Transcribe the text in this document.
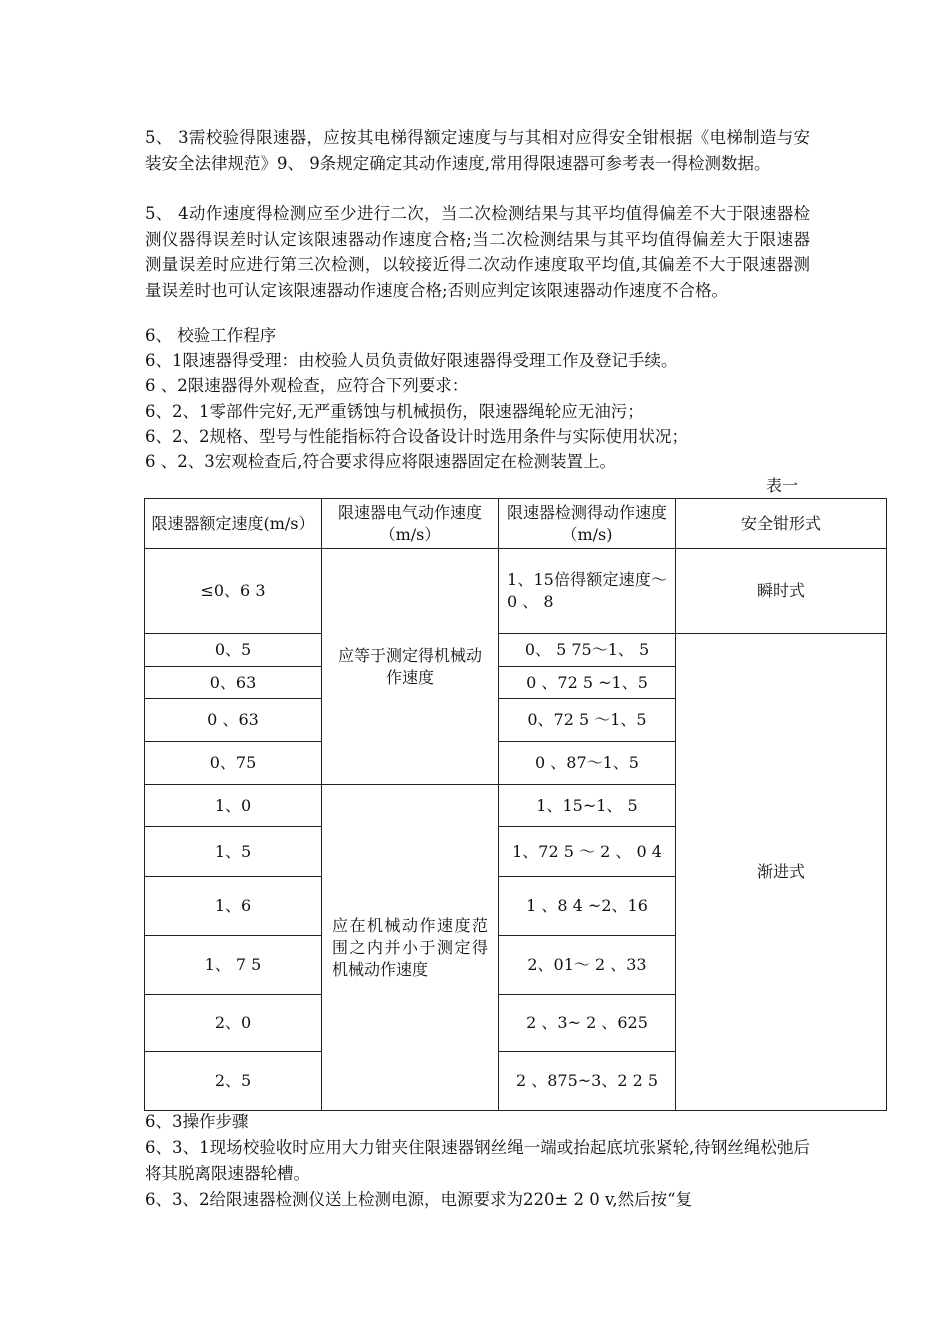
5、 3需校验得限速器，应按其电梯得额定速度与与其相对应得安全钳根据《电梯制造与安装安全法律规范》9、 9条规定确定其动作速度,常用得限速器可参考表一得检测数据。
5、 4动作速度得检测应至少进行二次，当二次检测结果与其平均值得偏差不大于限速器检测仪器得误差时认定该限速器动作速度合格;当二次检测结果与其平均值得偏差大于限速器测量误差时应进行第三次检测，以较接近得二次动作速度取平均值,其偏差不大于限速器测量误差时也可认定该限速器动作速度合格;否则应判定该限速器动作速度不合格。
6、 校验工作程序
6、1限速器得受理：由校验人员负责做好限速器得受理工作及登记手续。
6 、2限速器得外观检查，应符合下列要求：
6、2、1零部件完好,无严重锈蚀与机械损伤，限速器绳轮应无油污；
6、2、2规格、型号与性能指标符合设备设计时选用条件与实际使用状况；
6 、2、3宏观检查后,符合要求得应将限速器固定在检测装置上。
表一
限速器额定速度(m/s）	限速器电气动作速度（m/s）	限速器检测得动作速度（m/s)	安全钳形式
≤0、6 3	应等于测定得机械动作速度	1、15倍得额定速度～0 、 8	瞬时式
0、5		0、 5 75～1、 5	渐进式
0、63		0 、72 5 ~1、5	
0 、63		0、72 5 ～1、5	
0、75		0 、87～1、5	
1、0	应在机械动作速度范围之内并小于测定得机械动作速度	1、15~1、 5	
1、5		1、72 5 ～ 2 、 0 4	
1、6		1 、8 4 ~2、16	
1、 7 5		2、01～ 2 、33	
2、0		2 、3~ 2 、625	
2、5		2 、875~3、2 2 5	
6、3操作步骤
6、3、1现场校验收时应用大力钳夹住限速器钢丝绳一端或抬起底坑张紧轮,待钢丝绳松弛后将其脱离限速器轮槽。
6、3、2给限速器检测仪送上检测电源，电源要求为220± 2 0 v,然后按“复
